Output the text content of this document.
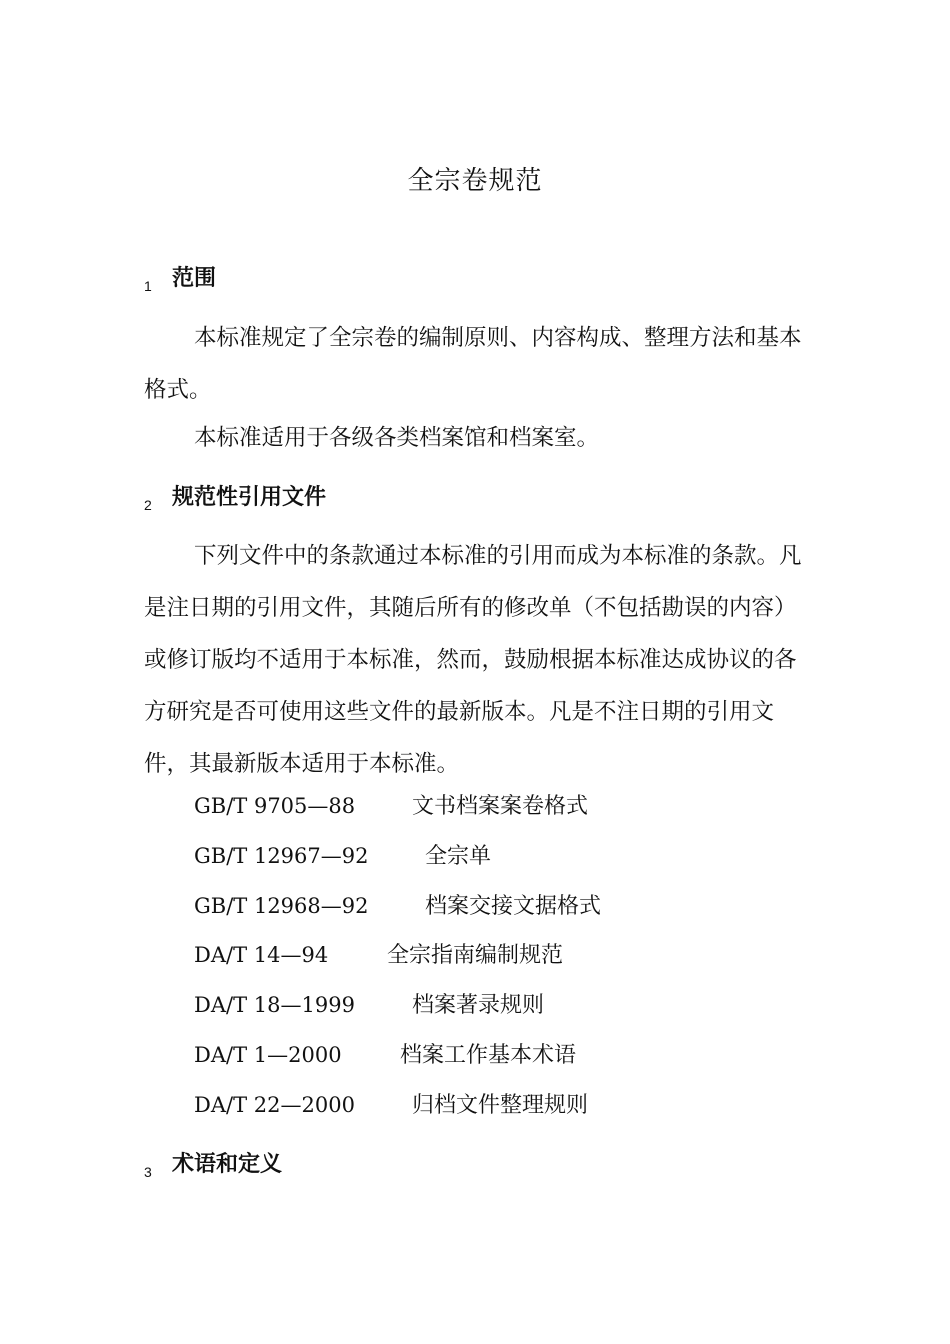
全宗卷规范
1 范围

本标准规定了全宗卷的编制原则、内容构成、整理方法和基本格式。

本标准适用于各级各类档案馆和档案室。

2 规范性引用文件

下列文件中的条款通过本标准的引用而成为本标准的条款。凡是注日期的引用文件，其随后所有的修改单（不包括勘误的内容）或修订版均不适用于本标准，然而，鼓励根据本标准达成协议的各方研究是否可使用这些文件的最新版本。凡是不注日期的引用文件，其最新版本适用于本标准。

GB/T 9705—88	文书档案案卷格式
GB/T 12967—92	全宗单
GB/T 12968—92	档案交接文据格式
DA/T 14—94	全宗指南编制规范
DA/T 18—1999	档案著录规则
DA/T 1—2000	档案工作基本术语
DA/T 22—2000	归档文件整理规则
3 术语和定义
